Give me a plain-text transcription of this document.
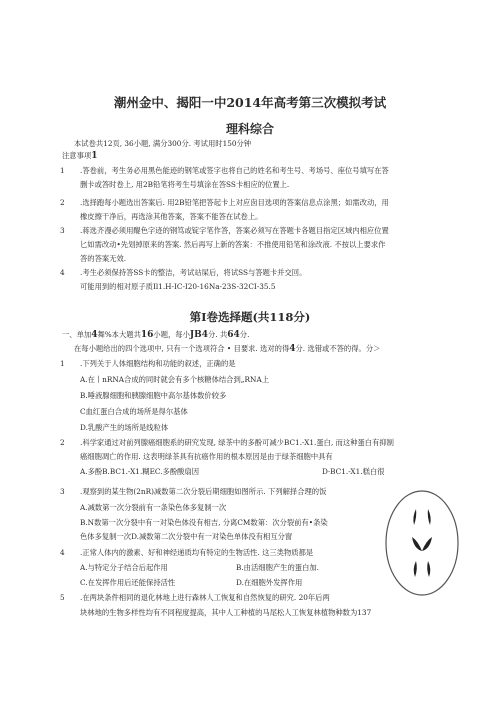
潮州金中、揭阳一中2014年高考第三次模拟考试
理科综合
本试卷共12页, 36小题, 满分300分. 考试用时150分钟
注意事项1
1 .答卷前，考生务必用黑色能迹的钢笔或签字也将自己的姓名和考生号、考场号、座位号填写在答
删卡或答时卷上, 用2B铅笔将考生号填涂在答SS卡相应的位置上.
2 .选择跑每小题选出答案后. 用2B铅笔把答起卡上对应囱目选项的答案信息点涂黑；如需改动，用
橡皮擦干净后，再选涂其他答案，答案不能答在试卷上。
3 .蒋选齐漫必须用醍色字迹的钢笃或锭字笔作答，答案必须写在答题卡各题目指定区域内相应位置
匕如需改动•先划掉原来的答案. 然后再写上新的答案：不推使用铅笔和涂改液. 不按以上要求作
答的答案无效.
4 .考生必须保持答SS卡的整洁，考试站屎后，将试SS与答题卡并交回。
可能用到的相对原子质Il1.H-IC-I20-16Na-23S-32CI-35.5
第I卷选择题(共118分)
一、单加4舞%本大题共16小题，每小JB4分. 共64分.
在每小题给出的四个选项中, 只有一个选项符合 • 目要求. 选对的得4分. 选错或不答的得。分＞
1 .下列关于人体细胞结构和功能的叙述，正确的是
A.在丨nRNA合成的同时就会有多个核糖体结合到„RNA上
B.唾液腺细胞和胰腺细胞中高尔基体数价较多
C血红蛋白合成的场所是得尔基体
D.乳酸产生的场所是线粒体
2 .科学家通过对前列腺癌细胞系的研究发现, 绿茶中的多酚可减少BC1.-X1.蛋白, 而这种蛋白有抑制
癌细胞凋亡的作用. 这表明绿茶具有抗癌作用的根本原因是由于绿茶细胞中具有
A.多酚B.BC1.-X1.糊EC.多酚酸扇因	D·BC1.-X1.糕白很
3 .观察到的某生物(2nR)减数第二次分裂后期细胞如图所示. 下列解择合理的饭
A.减数第一次分裂前有一条染色体多复制一次
B.N数第一次分裂中有一对染色体没有相吉, 分离CM数第：次分裂前有•条染
色体多复制一次D.减数第二次分裂中有一对染色单体没有相互分窗
4 .正常人体内的激素、好和神经递质均有特定的生物活性. 这三类物质都是
A.与特定分子结合后起作用	B.由活细胞产生的蛋白加.
C.在发挥作用后还能保持活性	D.在细胞外发挥作用
5 .在两块条件相同的退化林地上进行森林人工恢复和自然恢复的研究. 20年后两
块林地的生物多样性均有不同程度提高，其中人工种植的马尾松人工恢复林植物种数为137
